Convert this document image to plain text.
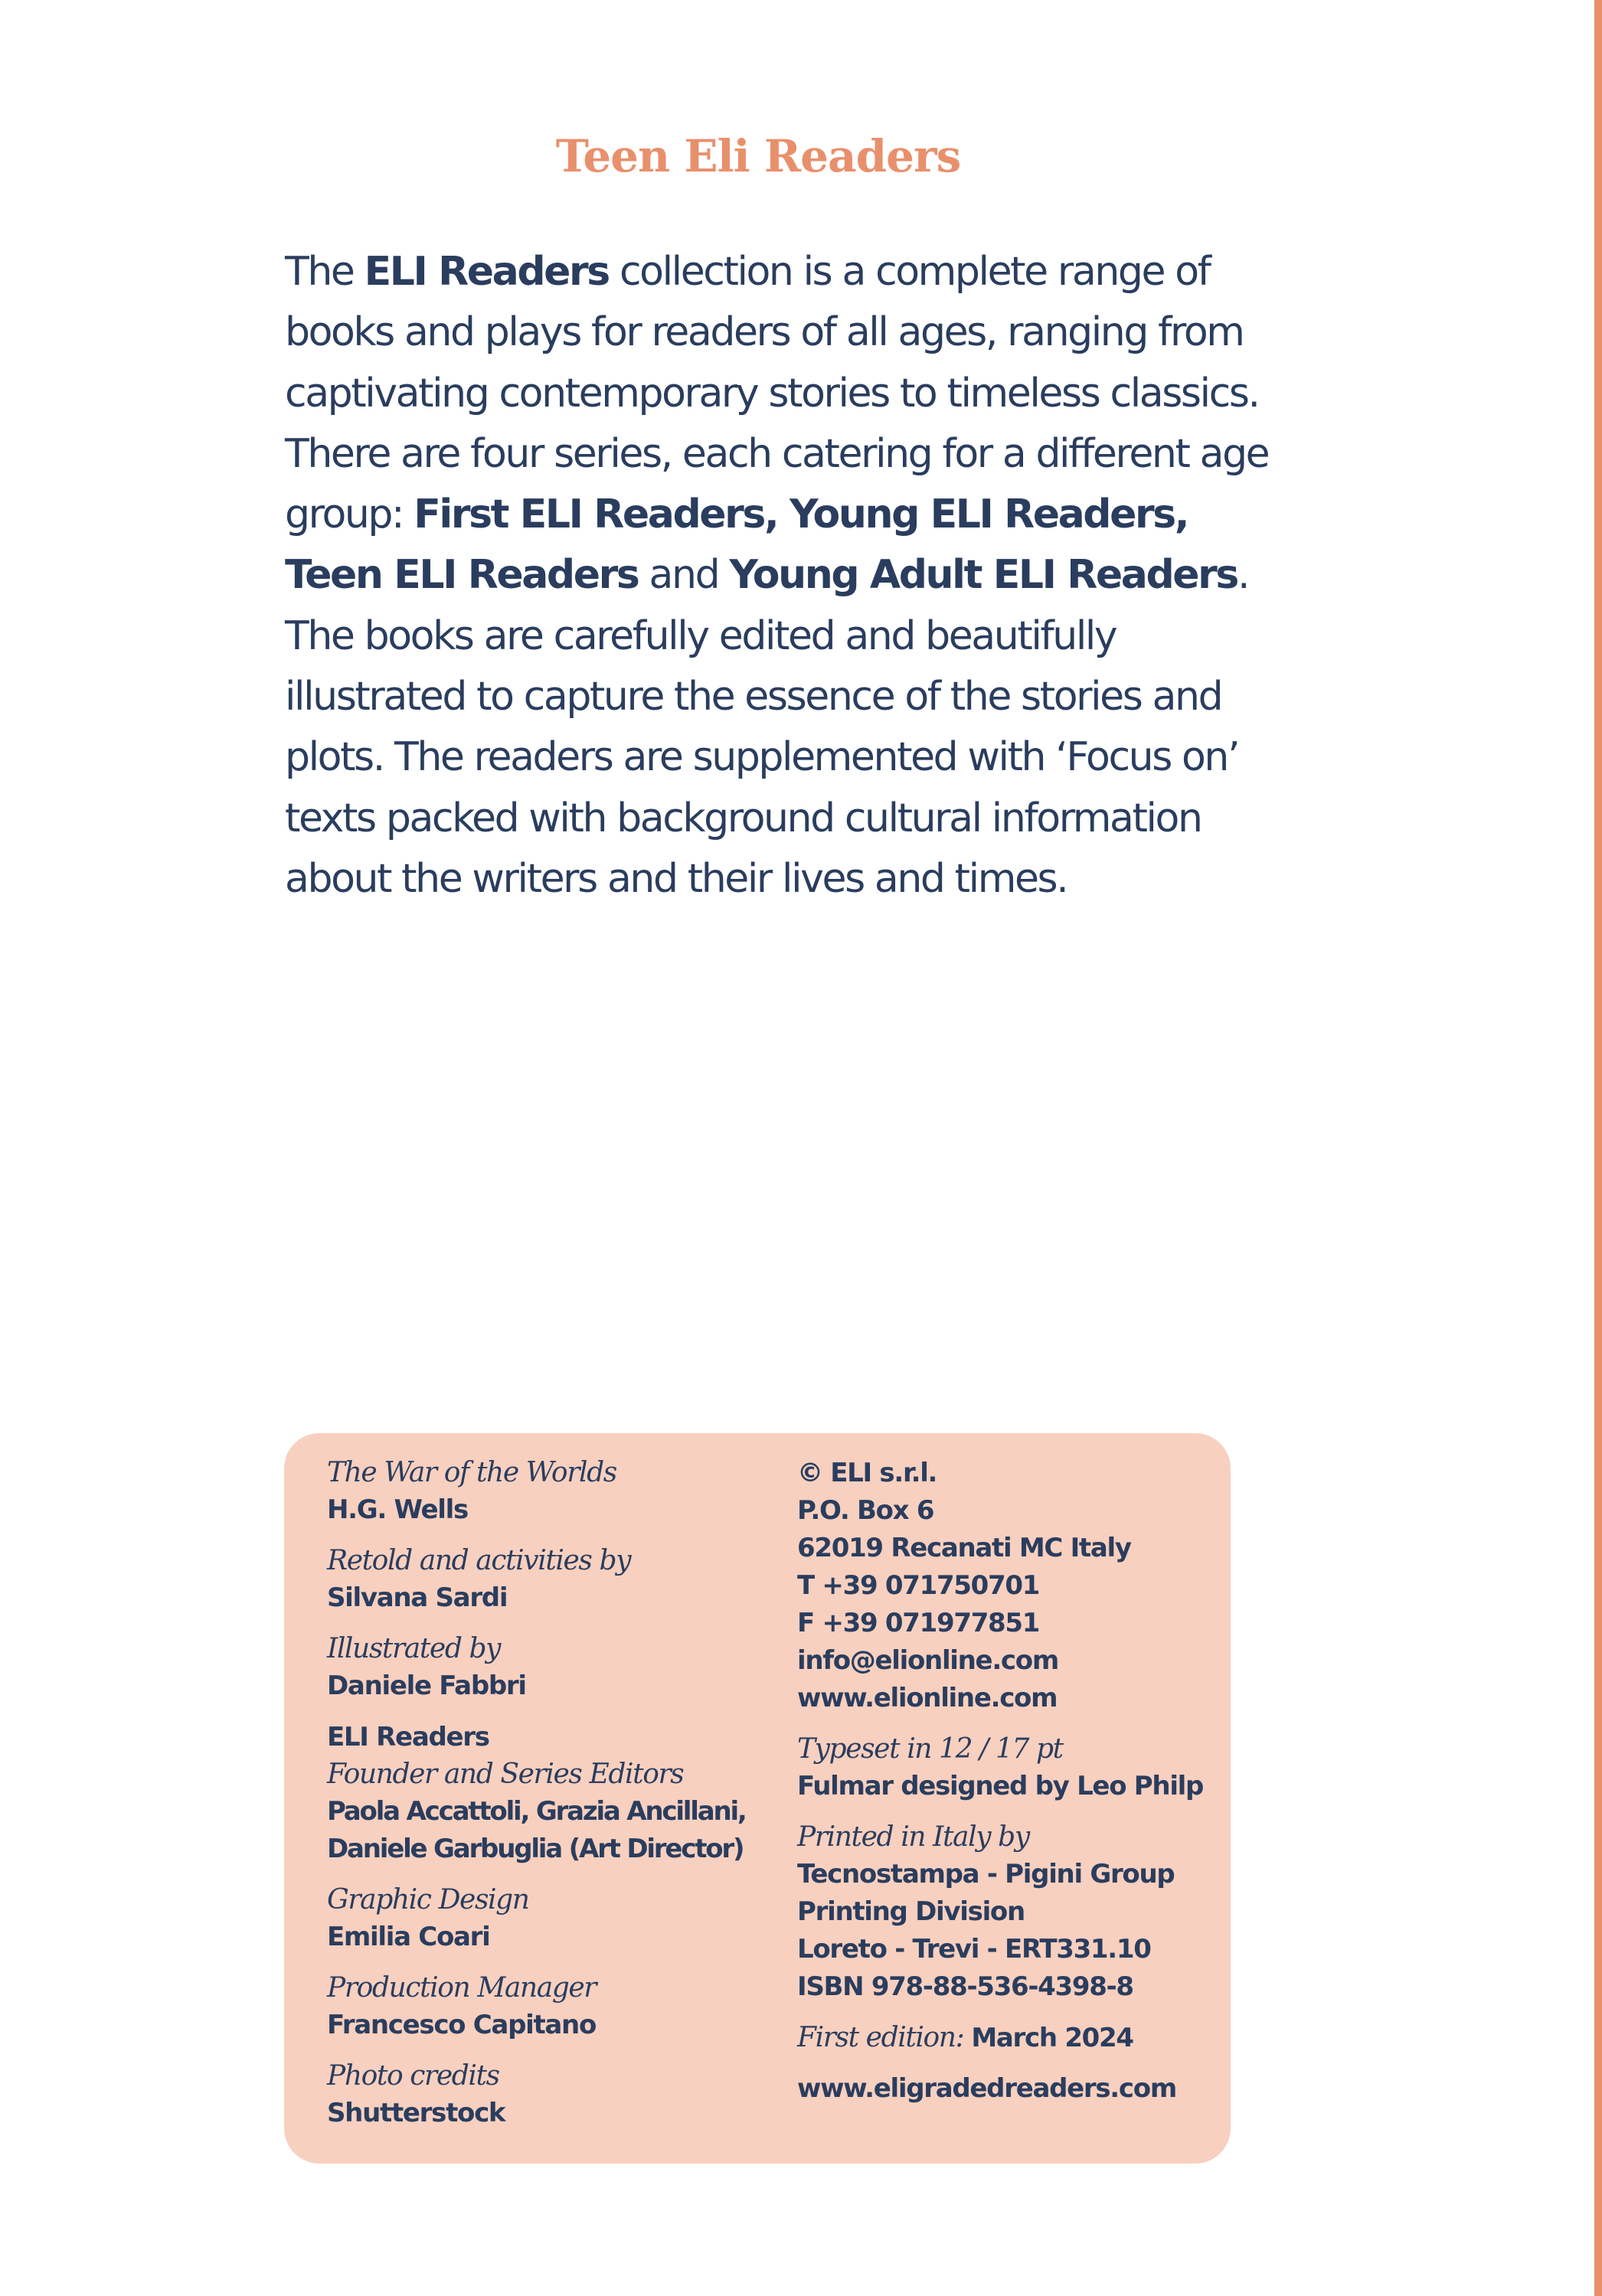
Teen Eli Readers

The ELI Readers collection is a complete range of books and plays for readers of all ages, ranging from captivating contemporary stories to timeless classics. There are four series, each catering for a different age group: First ELI Readers, Young ELI Readers, Teen ELI Readers and Young Adult ELI Readers. The books are carefully edited and beautifully illustrated to capture the essence of the stories and plots. The readers are supplemented with ‘Focus on’ texts packed with background cultural information about the writers and their lives and times.

The War of the Worlds
H.G. Wells
Retold and activities by
Silvana Sardi
Illustrated by
Daniele Fabbri
ELI Readers
Founder and Series Editors
Paola Accattoli, Grazia Ancillani,
Daniele Garbuglia (Art Director)
Graphic Design
Emilia Coari
Production Manager
Francesco Capitano
Photo credits
Shutterstock
© ELI s.r.l.
P.O. Box 6
62019 Recanati MC Italy
T +39 071750701
F +39 071977851
info@elionline.com
www.elionline.com
Typeset in 12 / 17 pt
Fulmar designed by Leo Philp
Printed in Italy by
Tecnostampa - Pigini Group
Printing Division
Loreto - Trevi - ERT331.10
ISBN 978-88-536-4398-8
First edition: March 2024
www.eligradedreaders.com
